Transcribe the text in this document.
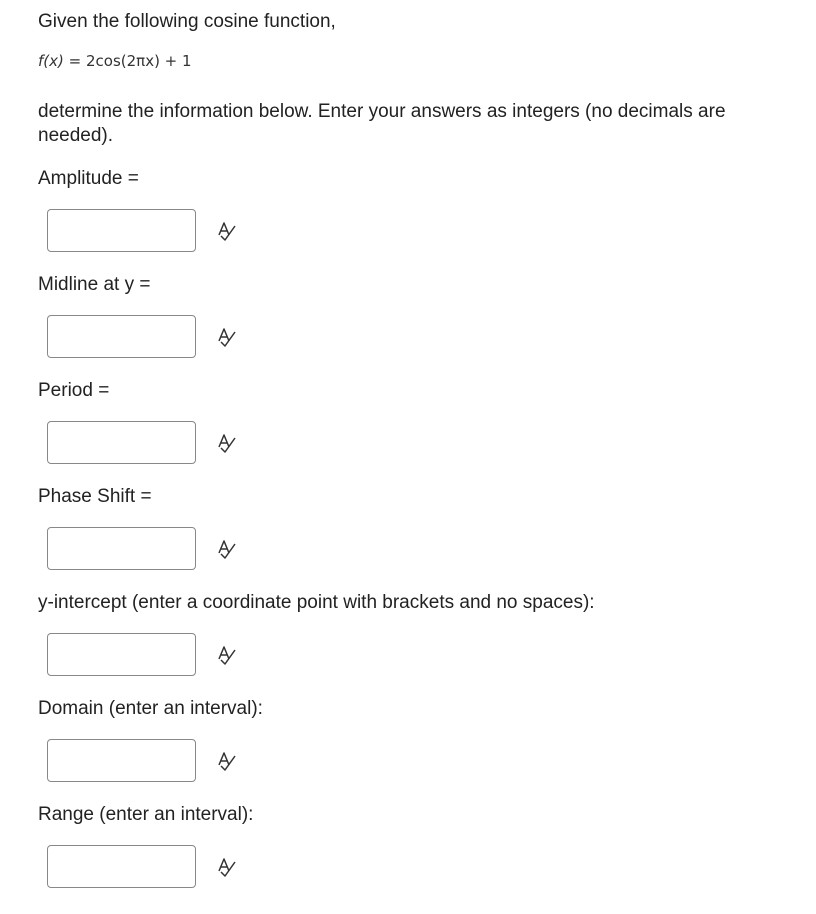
Given the following cosine function,
f(x) = 2cos(2πx) + 1
determine the information below. Enter your answers as integers (no decimals are needed).
Amplitude =
Midline at y =
Period =
Phase Shift =
y-intercept (enter a coordinate point with brackets and no spaces):
Domain (enter an interval):
Range (enter an interval):
